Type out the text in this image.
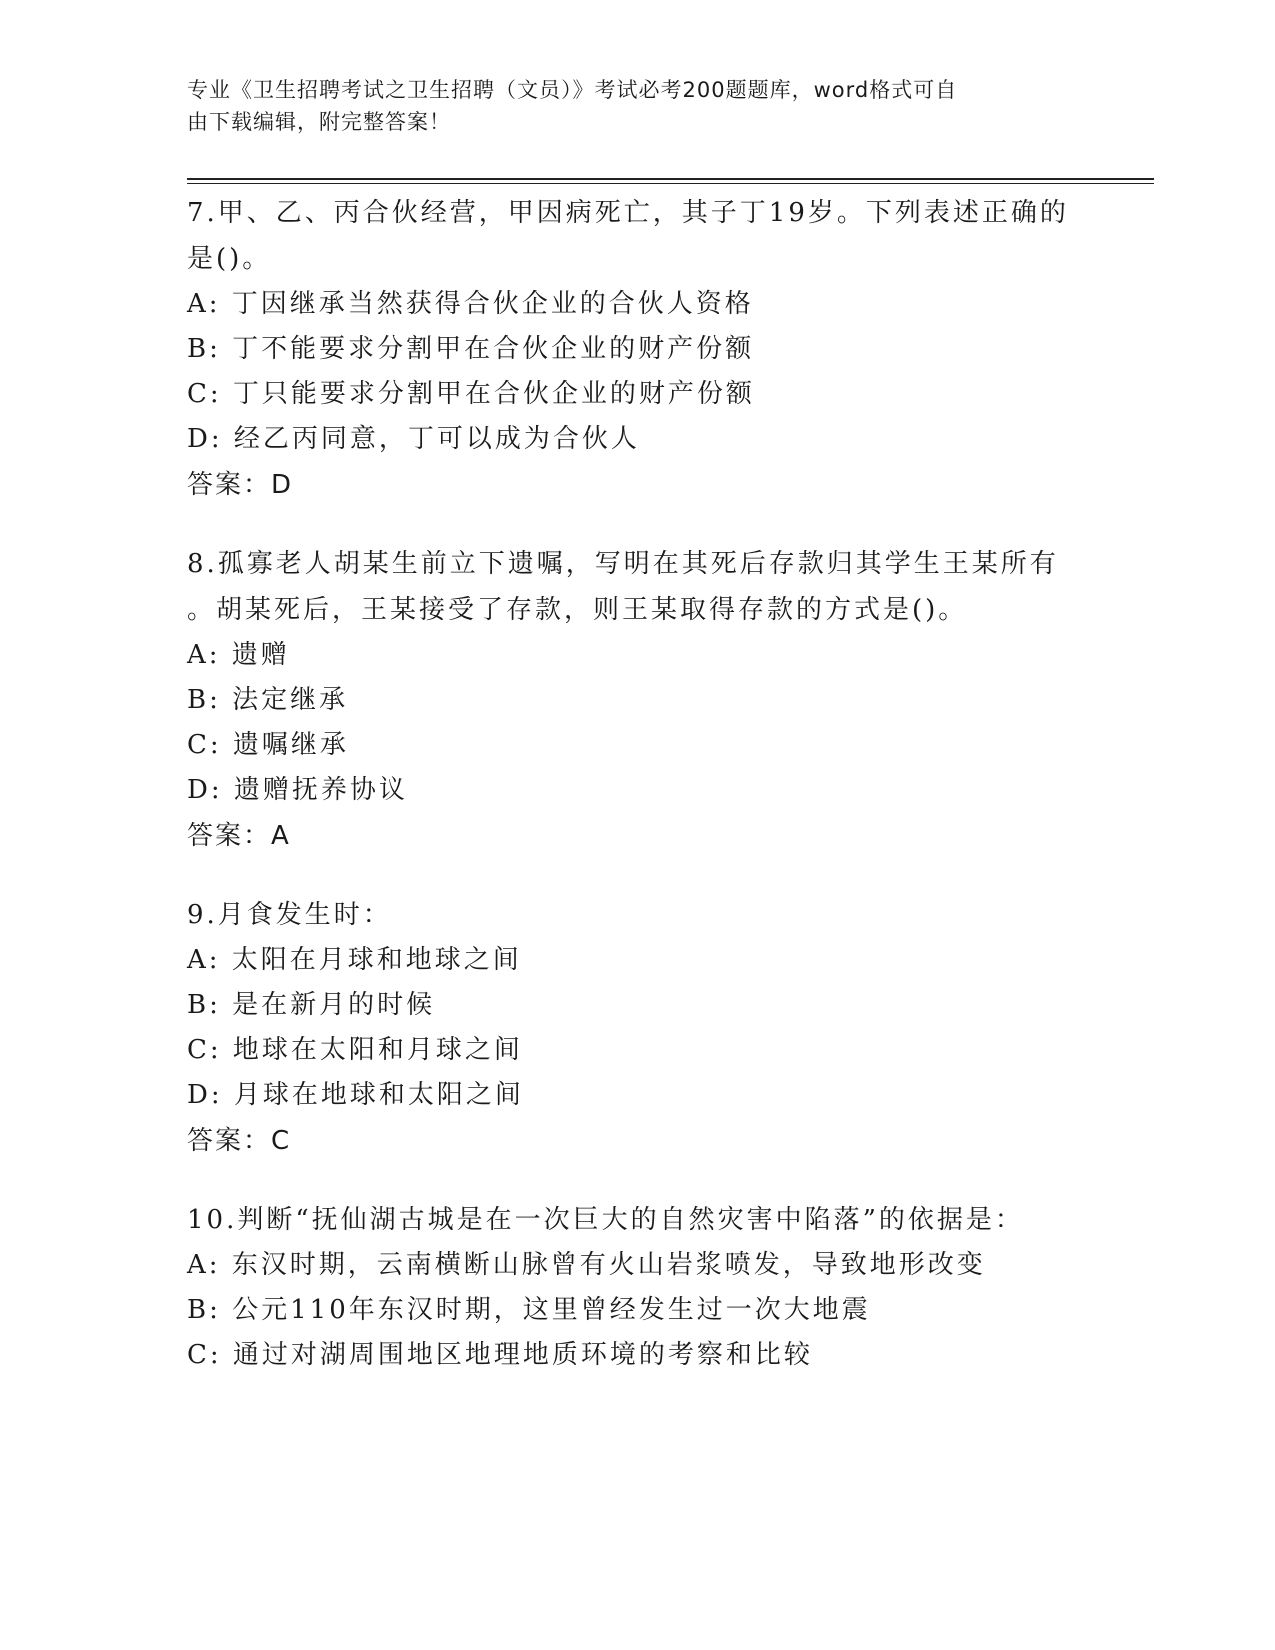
专业《卫生招聘考试之卫生招聘（文员）》考试必考200题题库，word格式可自
由下载编辑，附完整答案！

7.甲、乙、丙合伙经营，甲因病死亡，其子丁19岁。下列表述正确的
是()。

A: 丁因继承当然获得合伙企业的合伙人资格

B: 丁不能要求分割甲在合伙企业的财产份额

C: 丁只能要求分割甲在合伙企业的财产份额

D: 经乙丙同意，丁可以成为合伙人

答案：D

8.孤寡老人胡某生前立下遗嘱，写明在其死后存款归其学生王某所有
。胡某死后，王某接受了存款，则王某取得存款的方式是()。

A: 遗赠

B: 法定继承

C: 遗嘱继承

D: 遗赠抚养协议

答案：A

9.月食发生时：

A: 太阳在月球和地球之间

B: 是在新月的时候

C: 地球在太阳和月球之间

D: 月球在地球和太阳之间

答案：C

10.判断“抚仙湖古城是在一次巨大的自然灾害中陷落”的依据是：

A: 东汉时期，云南横断山脉曾有火山岩浆喷发，导致地形改变

B: 公元110年东汉时期，这里曾经发生过一次大地震

C: 通过对湖周围地区地理地质环境的考察和比较
